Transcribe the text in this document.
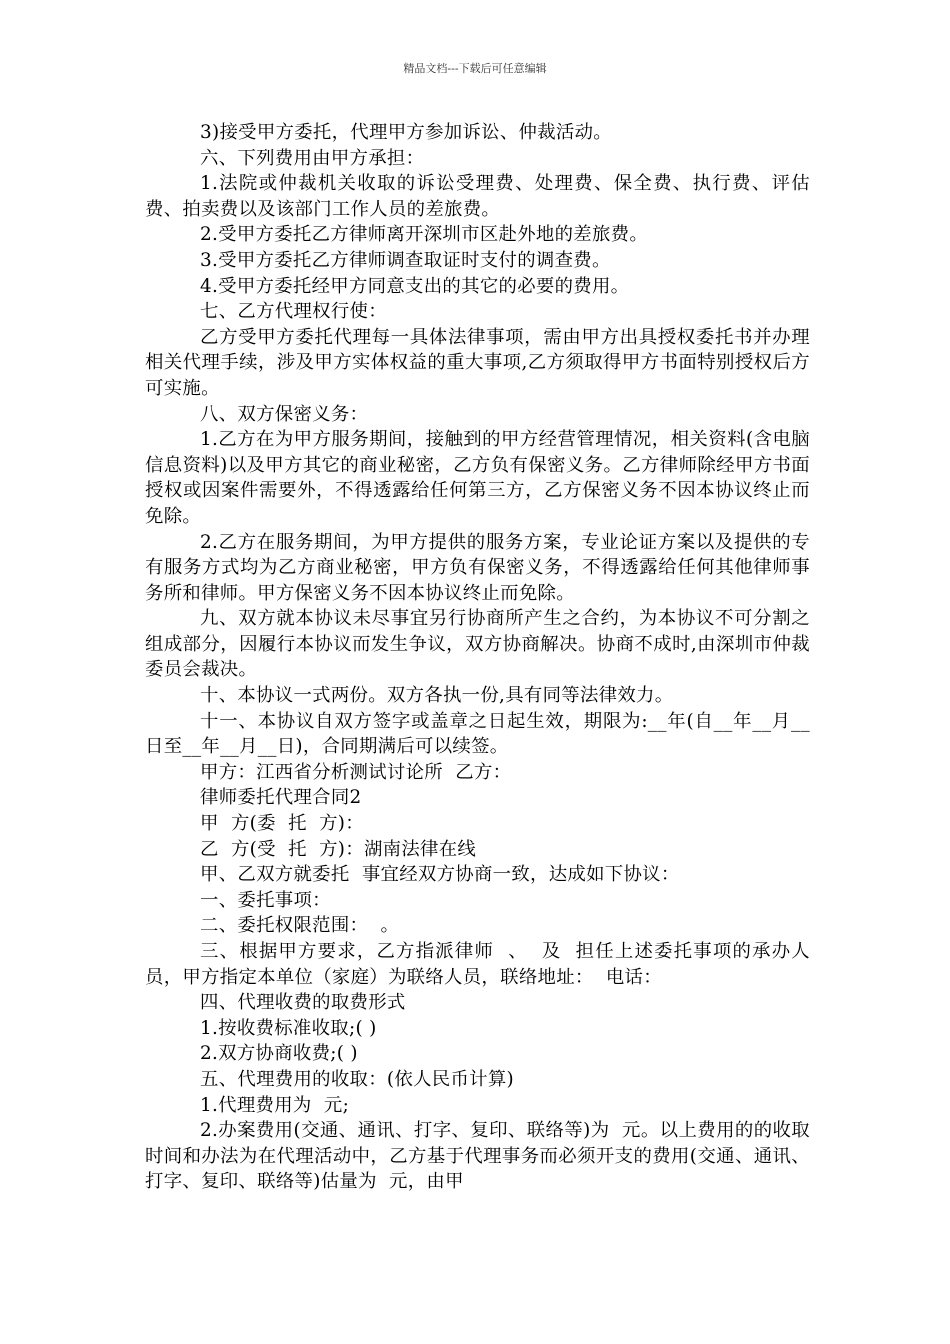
精品文档---下载后可任意编辑

3)接受甲方委托，代理甲方参加诉讼、仲裁活动。

六、下列费用由甲方承担：

1.法院或仲裁机关收取的诉讼受理费、处理费、保全费、执行费、评估费、拍卖费以及该部门工作人员的差旅费。

2.受甲方委托乙方律师离开深圳市区赴外地的差旅费。

3.受甲方委托乙方律师调查取证时支付的调查费。

4.受甲方委托经甲方同意支出的其它的必要的费用。

七、乙方代理权行使：

乙方受甲方委托代理每一具体法律事项，需由甲方出具授权委托书并办理相关代理手续，涉及甲方实体权益的重大事项,乙方须取得甲方书面特别授权后方可实施。

八、双方保密义务：

1.乙方在为甲方服务期间，接触到的甲方经营管理情况，相关资料(含电脑信息资料)以及甲方其它的商业秘密，乙方负有保密义务。乙方律师除经甲方书面授权或因案件需要外，不得透露给任何第三方，乙方保密义务不因本协议终止而免除。

2.乙方在服务期间，为甲方提供的服务方案，专业论证方案以及提供的专有服务方式均为乙方商业秘密，甲方负有保密义务，不得透露给任何其他律师事务所和律师。甲方保密义务不因本协议终止而免除。

九、双方就本协议未尽事宜另行协商所产生之合约，为本协议不可分割之组成部分，因履行本协议而发生争议，双方协商解决。协商不成时,由深圳市仲裁委员会裁决。

十、本协议一式两份。双方各执一份,具有同等法律效力。

十一、本协议自双方签字或盖章之日起生效，期限为:__年(自__年__月__日至__年__月__日)，合同期满后可以续签。

甲方：江西省分析测试讨论所  乙方：

律师委托代理合同2

甲  方(委  托  方)：

乙  方(受  托  方)：湖南法律在线

甲、乙双方就委托  事宜经双方协商一致，达成如下协议：

一、委托事项：

二、委托权限范围：  。

三、根据甲方要求，乙方指派律师  、  及  担任上述委托事项的承办人员，甲方指定本单位（家庭）为联络人员，联络地址：  电话：

四、代理收费的取费形式

1.按收费标准收取;( )

2.双方协商收费;( )

五、代理费用的收取：(依人民币计算)

1.代理费用为  元;

2.办案费用(交通、通讯、打字、复印、联络等)为  元。以上费用的的收取时间和办法为在代理活动中，乙方基于代理事务而必须开支的费用(交通、通讯、打字、复印、联络等)估量为  元，由甲
